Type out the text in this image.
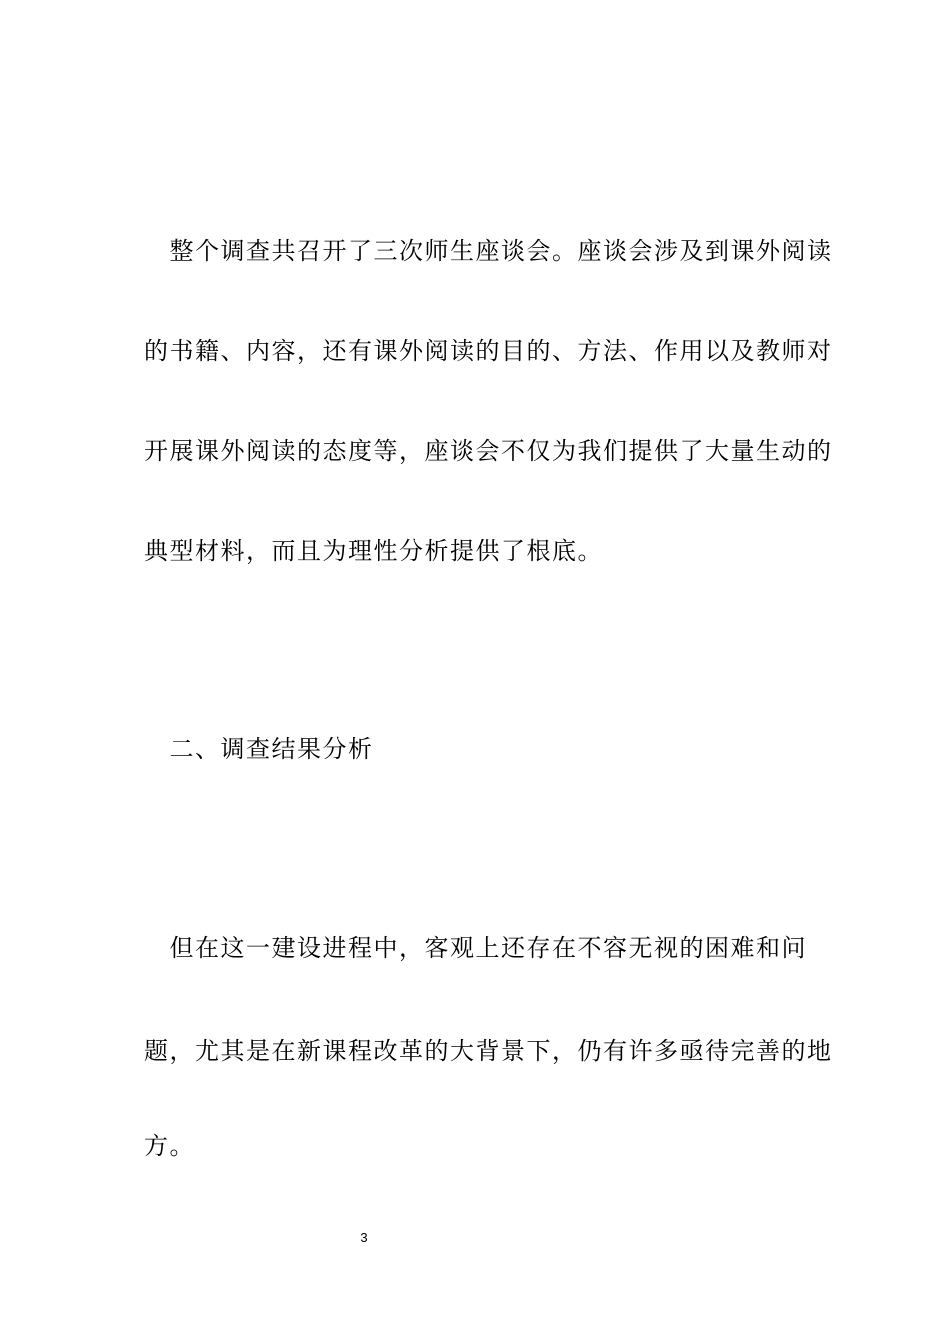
　整个调查共召开了三次师生座谈会。座谈会涉及到课外阅读
的书籍、内容，还有课外阅读的目的、方法、作用以及教师对
开展课外阅读的态度等，座谈会不仅为我们提供了大量生动的
典型材料，而且为理性分析提供了根底。
　二、调查结果分析
　但在这一建设进程中，客观上还存在不容无视的困难和问
题，尤其是在新课程改革的大背景下，仍有许多亟待完善的地
方。
3
